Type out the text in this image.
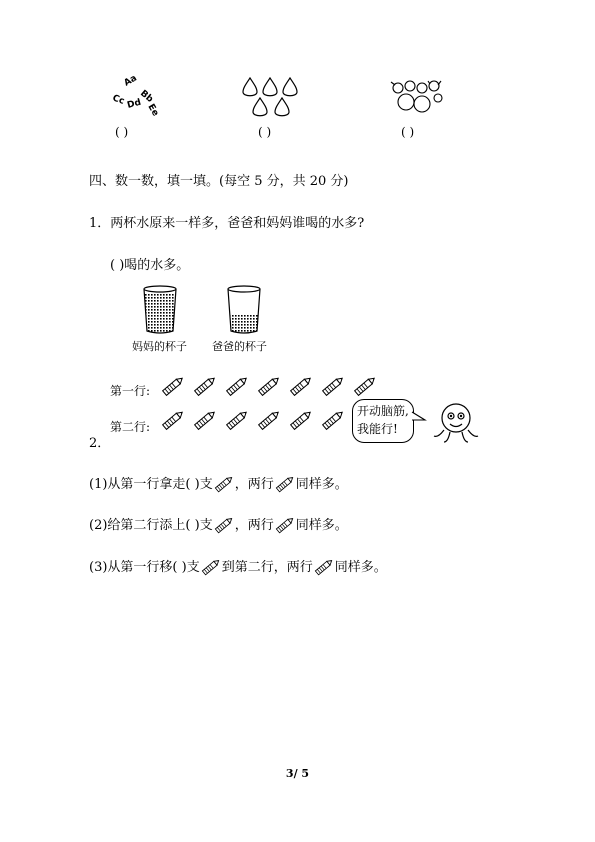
Aa
Bb
Cc Dd Ee
( )	( )	( )
四、数一数，填一填。(每空 5 分，共 20 分)
1．两杯水原来一样多，爸爸和妈妈谁喝的水多?
( )喝的水多。
妈妈的杯子 爸爸的杯子
第一行:
第二行:
2．
开动脑筋,
我能行!
(1)从第一行拿走( )支 ，两行 同样多。
(2)给第二行添上( )支 ，两行 同样多。
(3)从第一行移( )支 到第二行，两行 同样多。
3/ 5
